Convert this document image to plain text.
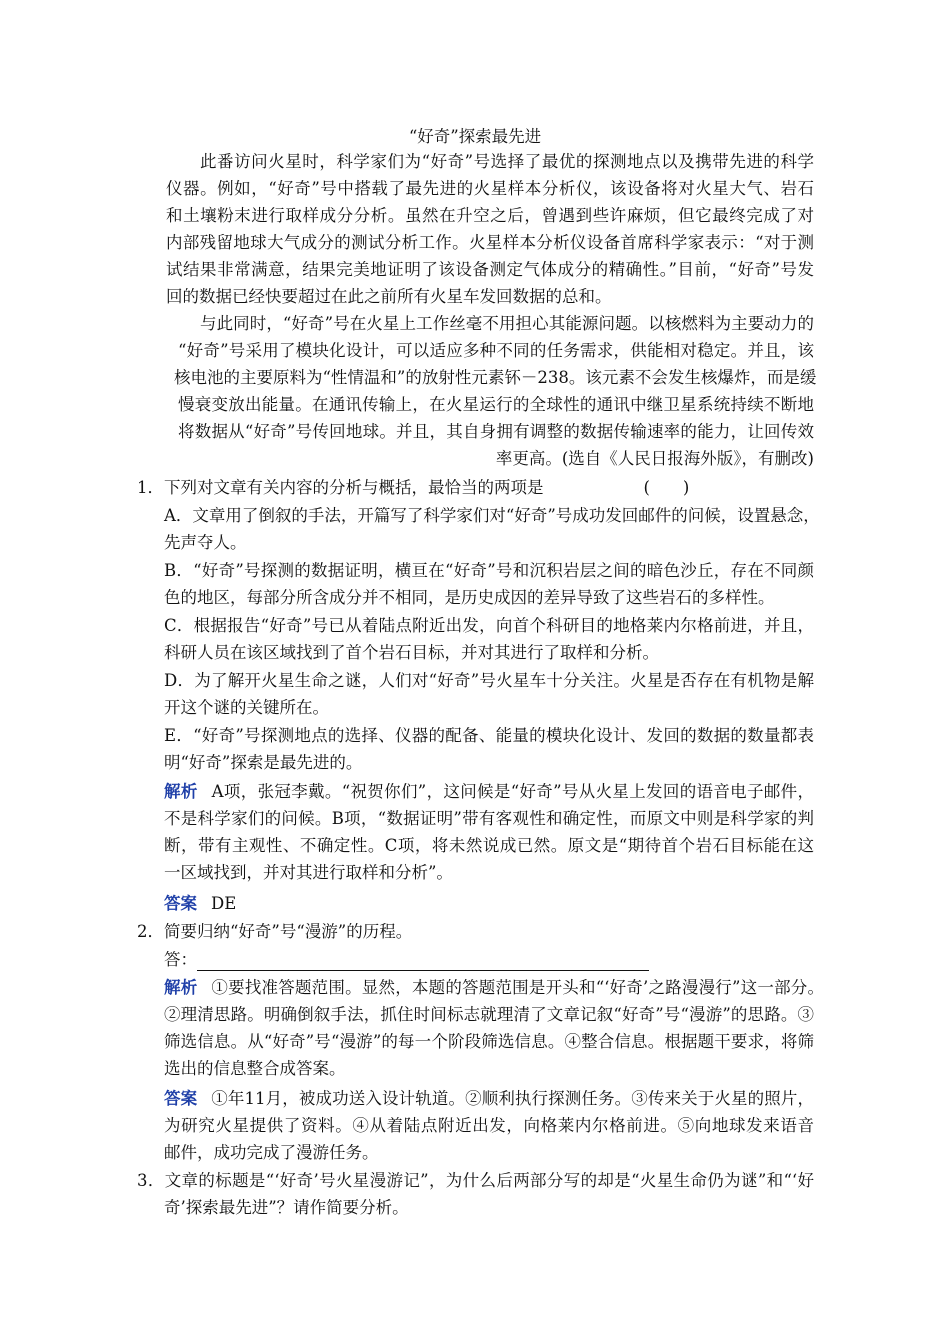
“好奇”探索最先进
此番访问火星时，科学家们为“好奇”号选择了最优的探测地点以及携带先进的科学
仪器。例如，“好奇”号中搭载了最先进的火星样本分析仪，该设备将对火星大气、岩石
和土壤粉末进行取样成分分析。虽然在升空之后，曾遇到些许麻烦，但它最终完成了对
内部残留地球大气成分的测试分析工作。火星样本分析仪设备首席科学家表示：“对于测
试结果非常满意，结果完美地证明了该设备测定气体成分的精确性。”目前，“好奇”号发
回的数据已经快要超过在此之前所有火星车发回数据的总和。
与此同时，“好奇”号在火星上工作丝毫不用担心其能源问题。以核燃料为主要动力的
“好奇”号采用了模块化设计，可以适应多种不同的任务需求，供能相对稳定。并且，该
核电池的主要原料为“性情温和”的放射性元素钚－238。该元素不会发生核爆炸，而是缓
慢衰变放出能量。在通讯传输上，在火星运行的全球性的通讯中继卫星系统持续不断地
将数据从“好奇”号传回地球。并且，其自身拥有调整的数据传输速率的能力，让回传效
率更高。(选自《人民日报海外版》，有删改)
1．下列对文章有关内容的分析与概括，最恰当的两项是	(　　)
A．文章用了倒叙的手法，开篇写了科学家们对“好奇”号成功发回邮件的问候，设置悬念，
先声夺人。
B．“好奇”号探测的数据证明，横亘在“好奇”号和沉积岩层之间的暗色沙丘，存在不同颜
色的地区，每部分所含成分并不相同，是历史成因的差异导致了这些岩石的多样性。
C．根据报告“好奇”号已从着陆点附近出发，向首个科研目的地格莱内尔格前进，并且，
科研人员在该区域找到了首个岩石目标，并对其进行了取样和分析。
D．为了解开火星生命之谜，人们对“好奇”号火星车十分关注。火星是否存在有机物是解
开这个谜的关键所在。
E．“好奇”号探测地点的选择、仪器的配备、能量的模块化设计、发回的数据的数量都表
明“好奇”探索是最先进的。
解析 A项，张冠李戴。“祝贺你们”，这问候是“好奇”号从火星上发回的语音电子邮件，
不是科学家们的问候。B项，“数据证明”带有客观性和确定性，而原文中则是科学家的判
断，带有主观性、不确定性。C项，将未然说成已然。原文是“期待首个岩石目标能在这
一区域找到，并对其进行取样和分析”。
答案 DE
2．简要归纳“好奇”号“漫游”的历程。
答：
解析 ①要找准答题范围。显然，本题的答题范围是开头和“‘好奇’之路漫漫行”这一部分。
②理清思路。明确倒叙手法，抓住时间标志就理清了文章记叙“好奇”号“漫游”的思路。③
筛选信息。从“好奇”号“漫游”的每一个阶段筛选信息。④整合信息。根据题干要求，将筛
选出的信息整合成答案。
答案 ①年11月，被成功送入设计轨道。②顺利执行探测任务。③传来关于火星的照片，
为研究火星提供了资料。④从着陆点附近出发，向格莱内尔格前进。⑤向地球发来语音
邮件，成功完成了漫游任务。
3．文章的标题是“‘好奇’号火星漫游记”，为什么后两部分写的却是“火星生命仍为谜”和“‘好
奇’探索最先进”？请作简要分析。
